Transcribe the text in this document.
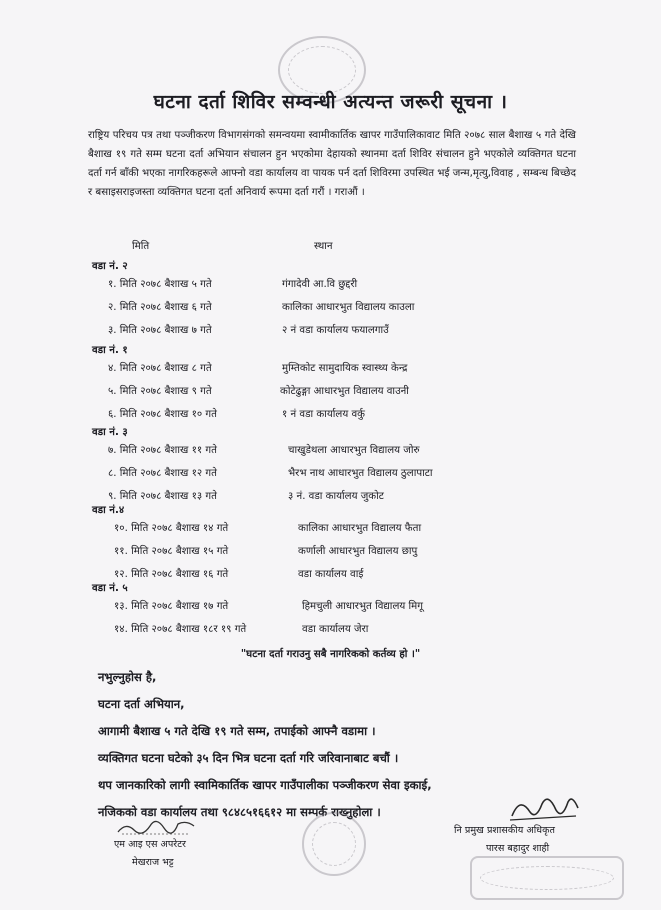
घटना दर्ता शिविर सम्वन्धी अत्यन्त जरूरी सूचना ।
राष्ट्रिय परिचय पत्र तथा पञ्जीकरण विभागसंगको समन्वयमा स्वामीकार्तिक खापर गाउँपालिकावाट मिति २०७८ साल बैशाख ५ गते देखि बैशाख १९ गते सम्म घटना दर्ता अभियान संचालन हुन भएकोमा देहायको स्थानमा दर्ता शिविर संचालन हुने भएकोले व्यक्तिगत घटना दर्ता गर्न बाँकी भएका नागरिकहरूले आफ्नो वडा कार्यालय वा पायक पर्न दर्ता शिविरमा उपस्थित भई जन्म,मृत्यु,विवाह , सम्बन्ध बिच्छेद र बसाइसराइजस्ता व्यक्तिगत घटना दर्ता अनिवार्य रूपमा दर्ता गरौं । गराऔं ।
मिति	स्थान
वडा नं. २
१. मिति २०७८ बैशाख ५ गते	गंगादेवी आ.वि छुद्दरी
२. मिति २०७८ बैशाख ६ गते	कालिका आधारभुत विद्यालय काउला
३. मिति २०७८ बैशाख ७ गते	२ नं वडा कार्यालय फयालगाउँ
वडा नं. १
४. मिति २०७८ बैशाख ८ गते	मुम्तिकोट सामुदायिक स्वास्थ्य केन्द्र
५. मिति २०७८ बैशाख ९ गते	कोटेढुङ्गा आधारभुत विद्यालय वाउनी
६. मिति २०७८ बैशाख १० गते	१ नं वडा कार्यालय वर्कु
वडा नं. ३
७. मिति २०७८ बैशाख ११ गते	चाखुडेथला आधारभुत विद्यालय जोरु
८. मिति २०७८ बैशाख १२ गते	भैरभ नाथ आधारभुत विद्यालय ठुलापाटा
९. मिति २०७८ बैशाख १३ गते	३ नं. वडा कार्यालय जुकोट
वडा नं.४
१०. मिति २०७८ बैशाख १४ गते	कालिका आधारभुत विद्यालय फैता
११. मिति २०७८ बैशाख १५ गते	कर्णाली आधारभुत विद्यालय छापु
१२. मिति २०७८ बैशाख १६ गते	वडा कार्यालय वाई
वडा नं. ५
१३. मिति २०७८ बैशाख १७ गते	हिमचुली आधारभुत विद्यालय मिगू
१४. मिति २०७८ बैशाख १८र १९ गते	वडा कार्यालय जेरा
"घटना दर्ता गराउनु सबै नागरिकको कर्तव्य हो ।"
नभुल्नुहोस है,
घटना दर्ता अभियान,
आगामी बैशाख ५ गते देखि १९ गते सम्म, तपाईको आफ्नै वडामा ।
व्यक्तिगत घटना घटेको ३५ दिन भित्र घटना दर्ता गरि जरिवानाबाट बचौं ।
थप जानकारिको लागी स्वामिकार्तिक खापर गाउँपालीका पञ्जीकरण सेवा इकाई,
नजिकको वडा कार्यालय तथा ९८४८५१६६१२ मा सम्पर्क राख्नुहोला ।
एम आइ एस अपरेटर
मेखराज भट्ट
नि प्रमुख प्रशासकीय अधिकृत
पारस बहादुर शाही
